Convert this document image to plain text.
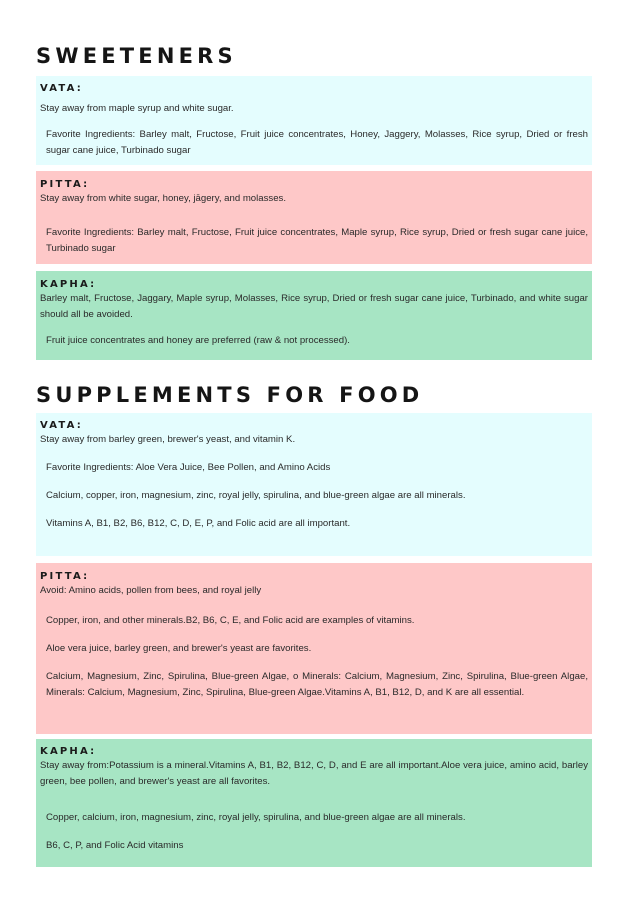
SWEETENERS

VATA:

Stay away from maple syrup and white sugar.

Favorite Ingredients: Barley malt, Fructose, Fruit juice concentrates, Honey, Jaggery, Molasses, Rice syrup, Dried or fresh sugar cane juice, Turbinado sugar

PITTA:

Stay away from white sugar, honey, jāgery, and molasses.

Favorite Ingredients: Barley malt, Fructose, Fruit juice concentrates, Maple syrup, Rice syrup, Dried or fresh sugar cane juice, Turbinado sugar

KAPHA:

Barley malt, Fructose, Jaggary, Maple syrup, Molasses, Rice syrup, Dried or fresh sugar cane juice, Turbinado, and white sugar should all be avoided.

Fruit juice concentrates and honey are preferred (raw & not processed).

SUPPLEMENTS FOR FOOD

VATA:

Stay away from barley green, brewer's yeast, and vitamin K.

Favorite Ingredients: Aloe Vera Juice, Bee Pollen, and Amino Acids

Calcium, copper, iron, magnesium, zinc, royal jelly, spirulina, and blue-green algae are all minerals.

Vitamins A, B1, B2, B6, B12, C, D, E, P, and Folic acid are all important.

PITTA:

Avoid: Amino acids, pollen from bees, and royal jelly

Copper, iron, and other minerals.B2, B6, C, E, and Folic acid are examples of vitamins.

Aloe vera juice, barley green, and brewer's yeast are favorites.

Calcium, Magnesium, Zinc, Spirulina, Blue-green Algae, o Minerals: Calcium, Magnesium, Zinc, Spirulina, Blue-green Algae, Minerals: Calcium, Magnesium, Zinc, Spirulina, Blue-green Algae.Vitamins A, B1, B12, D, and K are all essential.

KAPHA:

Stay away from:Potassium is a mineral.Vitamins A, B1, B2, B12, C, D, and E are all important.Aloe vera juice, amino acid, barley green, bee pollen, and brewer's yeast are all favorites.

Copper, calcium, iron, magnesium, zinc, royal jelly, spirulina, and blue-green algae are all minerals.

B6, C, P, and Folic Acid vitamins
